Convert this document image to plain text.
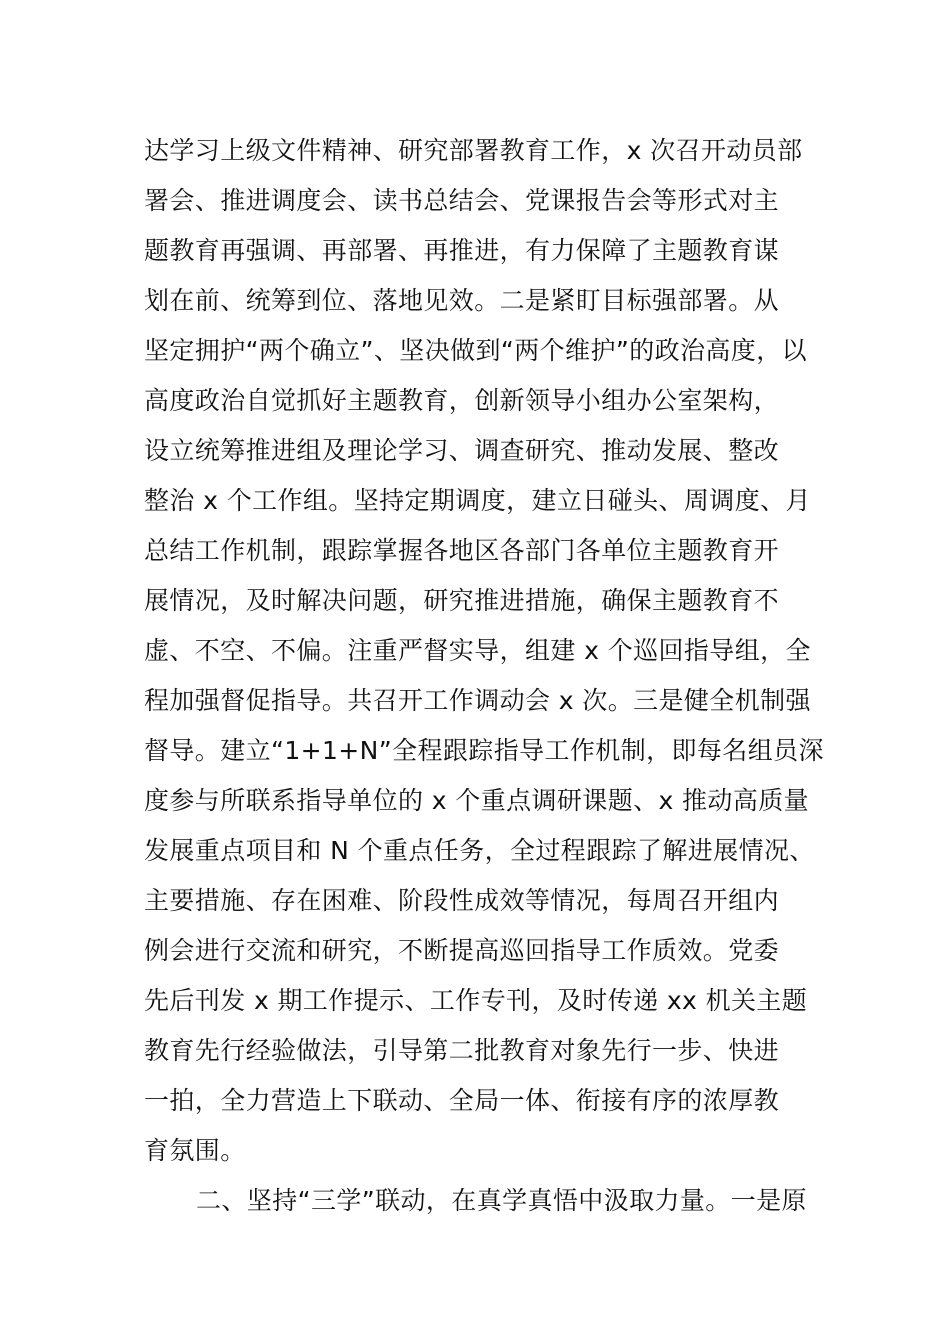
达学习上级文件精神、研究部署教育工作，x 次召开动员部
署会、推进调度会、读书总结会、党课报告会等形式对主
题教育再强调、再部署、再推进，有力保障了主题教育谋
划在前、统筹到位、落地见效。二是紧盯目标强部署。从
坚定拥护“两个确立”、坚决做到“两个维护”的政治高度，以
高度政治自觉抓好主题教育，创新领导小组办公室架构，
设立统筹推进组及理论学习、调查研究、推动发展、整改
整治 x 个工作组。坚持定期调度，建立日碰头、周调度、月
总结工作机制，跟踪掌握各地区各部门各单位主题教育开
展情况，及时解决问题，研究推进措施，确保主题教育不
虚、不空、不偏。注重严督实导，组建 x 个巡回指导组，全
程加强督促指导。共召开工作调动会 x 次。三是健全机制强
督导。建立“1+1+N”全程跟踪指导工作机制，即每名组员深
度参与所联系指导单位的 x 个重点调研课题、x 推动高质量
发展重点项目和 N 个重点任务，全过程跟踪了解进展情况、
主要措施、存在困难、阶段性成效等情况，每周召开组内
例会进行交流和研究，不断提高巡回指导工作质效。党委
先后刊发 x 期工作提示、工作专刊，及时传递 xx 机关主题
教育先行经验做法，引导第二批教育对象先行一步、快进
一拍，全力营造上下联动、全局一体、衔接有序的浓厚教
育氛围。
二、坚持“三学”联动，在真学真悟中汲取力量。一是原
